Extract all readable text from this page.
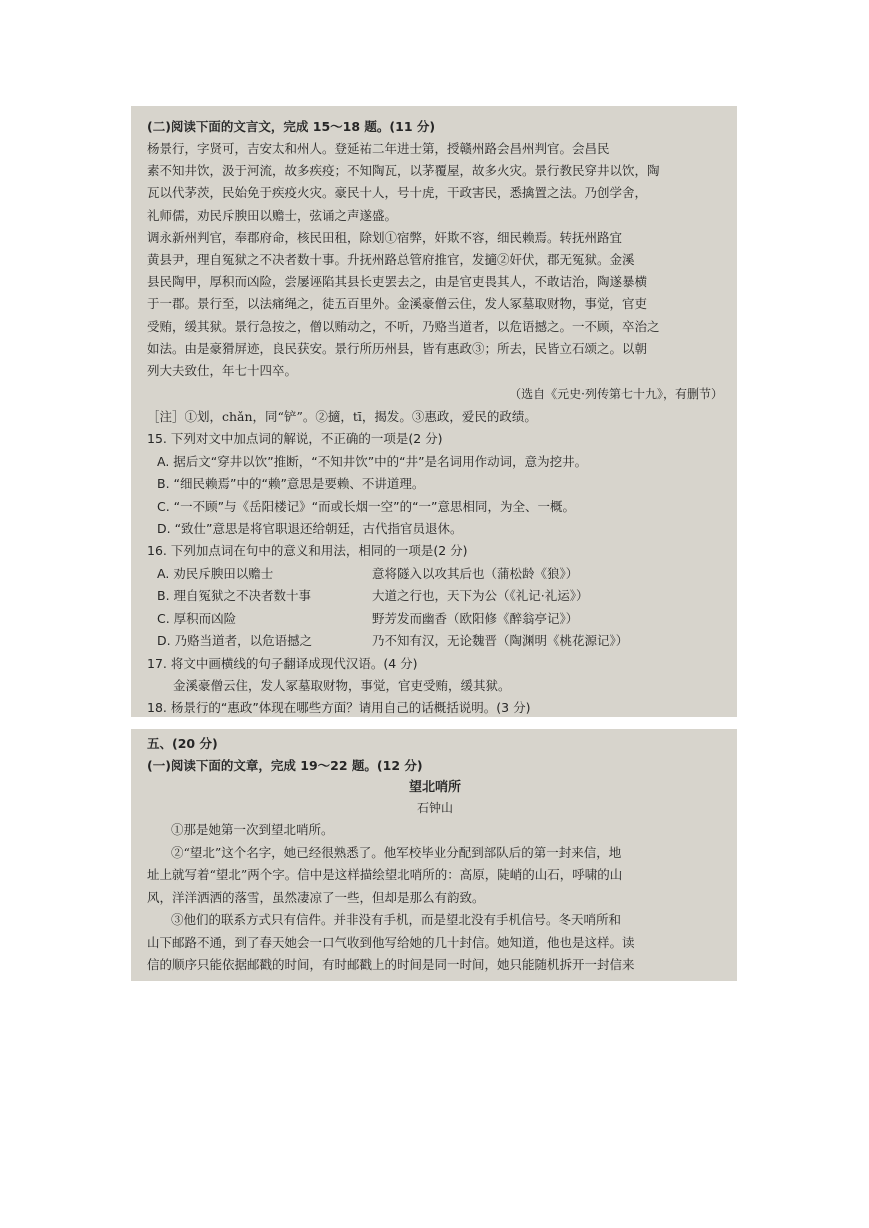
(二)阅读下面的文言文，完成 15～18 题。(11 分)

杨景行，字贤可，吉安太和州人。登延祐二年进士第，授赣州路会昌州判官。会昌民

素不知井饮，汲于河流，故多疾疫；不知陶瓦，以茅覆屋，故多火灾。景行教民穿井以饮，陶

瓦以代茅茨，民始免于疾疫火灾。豪民十人，号十虎，干政害民，悉擒置之法。乃创学舍，

礼师儒，劝民斥腴田以赡士，弦诵之声遂盛。

调永新州判官，奉郡府命，核民田租，除划①宿弊，奸欺不容，细民赖焉。转抚州路宜

黄县尹，理自冤狱之不决者数十事。升抚州路总管府推官，发擿②奸伏，郡无冤狱。金溪

县民陶甲，厚积而凶险，尝屡诬陷其县长吏罢去之，由是官吏畏其人，不敢诘治，陶遂暴横

于一郡。景行至，以法痛绳之，徒五百里外。金溪豪僧云住，发人冢墓取财物，事觉，官吏

受贿，缓其狱。景行急按之，僧以贿动之，不听，乃赂当道者，以危语撼之。一不顾，卒治之

如法。由是豪猾屏迹，良民获安。景行所历州县，皆有惠政③；所去，民皆立石颂之。以朝

列大夫致仕，年七十四卒。

（选自《元史·列传第七十九》，有删节）

［注］①划，chǎn，同“铲”。②擿，tī，揭发。③惠政，爱民的政绩。

15. 下列对文中加点词的解说，不正确的一项是(2 分)

A. 据后文“穿井以饮”推断，“不知井饮”中的“井”是名词用作动词，意为挖井。

B. “细民赖焉”中的“赖”意思是要赖、不讲道理。

C. “一不顾”与《岳阳楼记》“而或长烟一空”的“一”意思相同，为全、一概。

D. “致仕”意思是将官职退还给朝廷，古代指官员退休。

16. 下列加点词在句中的意义和用法，相同的一项是(2 分)

A. 劝民斥腴田以赡士	意将隧入以攻其后也（蒲松龄《狼》）
B. 理自冤狱之不决者数十事	大道之行也，天下为公（《礼记·礼运》）
C. 厚积而凶险	野芳发而幽香（欧阳修《醉翁亭记》）
D. 乃赂当道者，以危语撼之	乃不知有汉，无论魏晋（陶渊明《桃花源记》）

17. 将文中画横线的句子翻译成现代汉语。(4 分)

金溪豪僧云住，发人冢墓取财物，事觉，官吏受贿，缓其狱。

18. 杨景行的“惠政”体现在哪些方面？请用自己的话概括说明。(3 分)

五、(20 分)

(一)阅读下面的文章，完成 19～22 题。(12 分)

望北哨所

石钟山

①那是她第一次到望北哨所。

②“望北”这个名字，她已经很熟悉了。他军校毕业分配到部队后的第一封来信，地

址上就写着“望北”两个字。信中是这样描绘望北哨所的：高原，陡峭的山石，呼啸的山

风，洋洋洒洒的落雪，虽然凄凉了一些，但却是那么有韵致。

③他们的联系方式只有信件。并非没有手机，而是望北没有手机信号。冬天哨所和

山下邮路不通，到了春天她会一口气收到他写给她的几十封信。她知道，他也是这样。读

信的顺序只能依据邮戳的时间，有时邮戳上的时间是同一时间，她只能随机拆开一封信来
